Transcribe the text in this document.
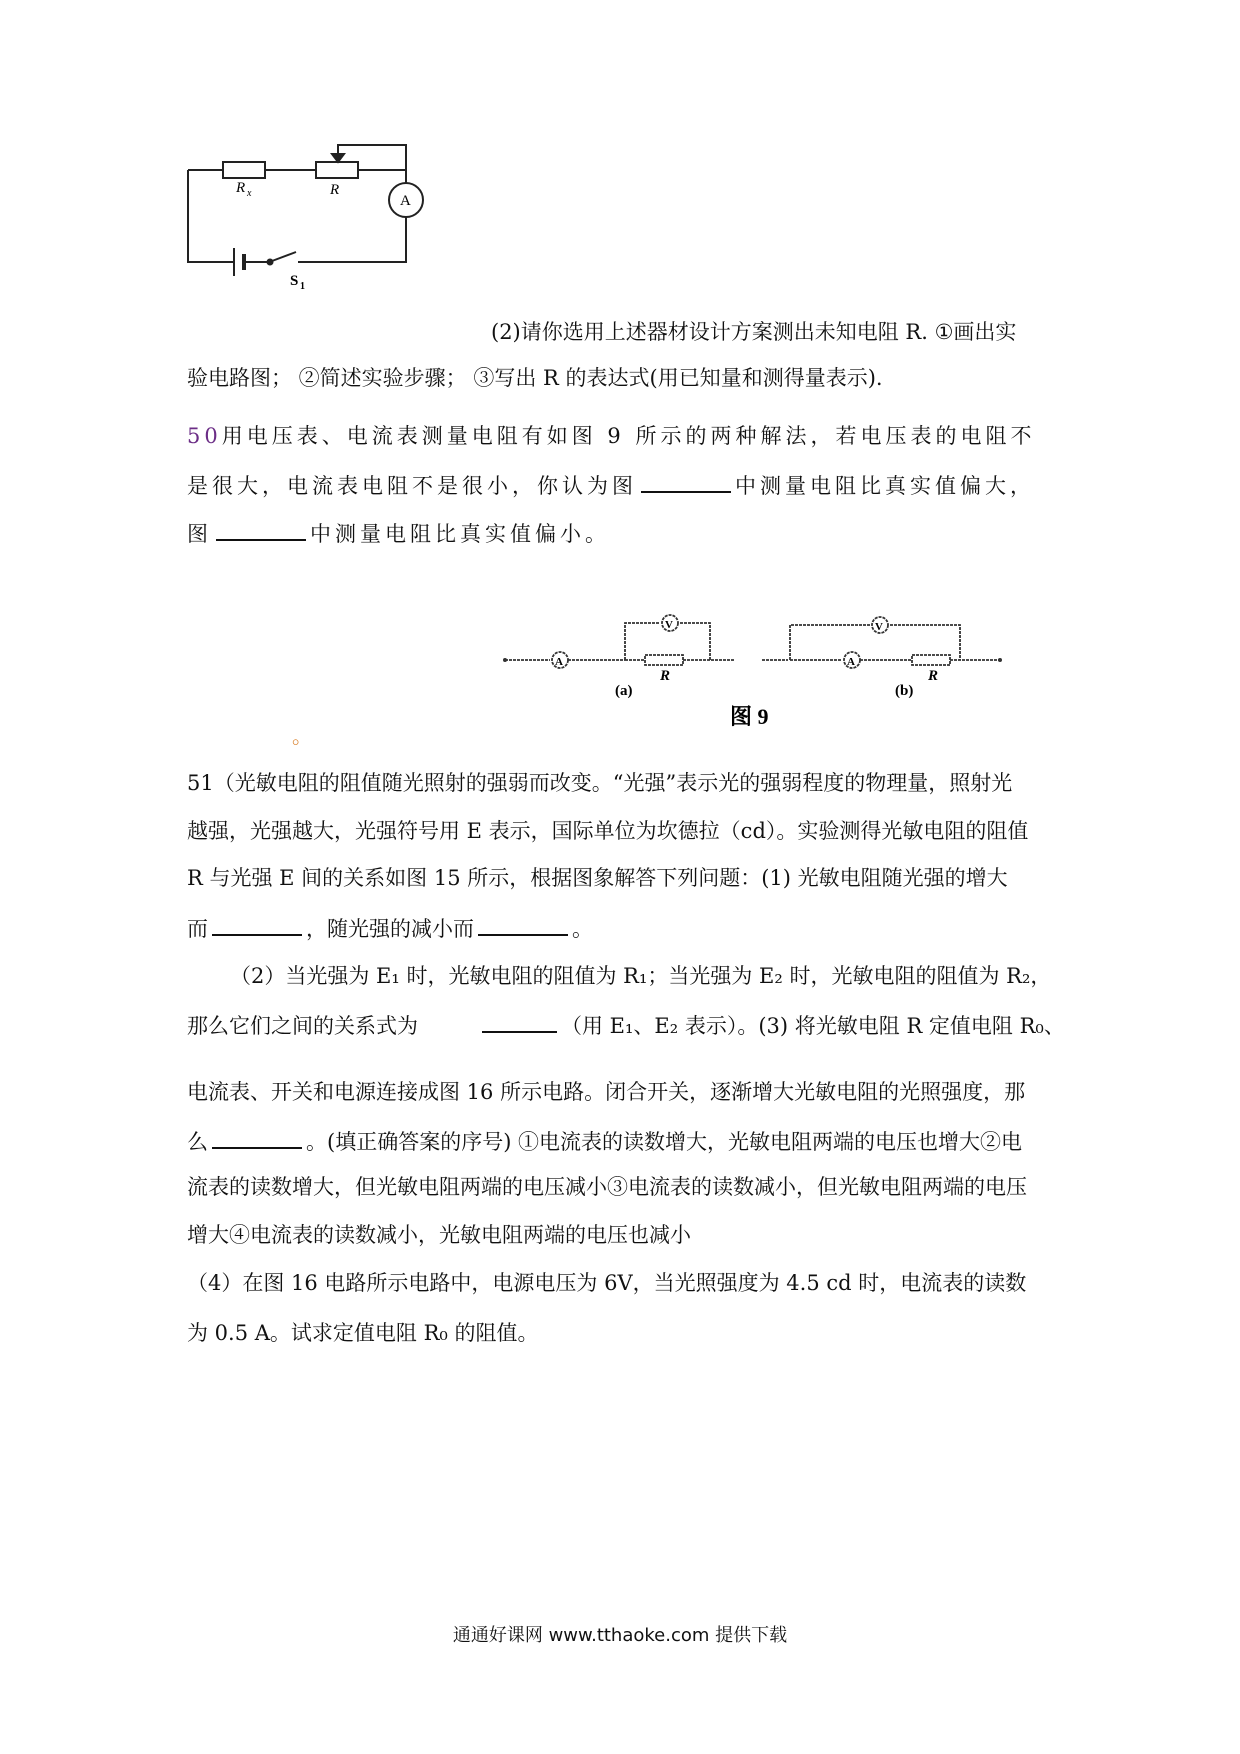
R x	R
A
S 1
(2)请你选用上述器材设计方案测出未知电阻 R. ①画出实
验电路图； ②简述实验步骤； ③写出 R 的表达式(用已知量和测得量表示).
50用电压表、电流表测量电阻有如图 9 所示的两种解法，若电压表的电阻不
是很大，电流表电阻不是很小，你认为图	中测量电阻比真实值偏大，
图	中测量电阻比真实值偏小。
A
V	V
A
R	R
(a)	(b)
图 9
。
51（光敏电阻的阻值随光照射的强弱而改变。“光强”表示光的强弱程度的物理量，照射光
越强，光强越大，光强符号用 E 表示，国际单位为坎德拉（cd）。实验测得光敏电阻的阻值
R 与光强 E 间的关系如图 15 所示，根据图象解答下列问题：(1) 光敏电阻随光强的增大
而	，随光强的减小而	。
（2）当光强为 E₁ 时，光敏电阻的阻值为 R₁；当光强为 E₂ 时，光敏电阻的阻值为 R₂，
那么它们之间的关系式为	（用 E₁、E₂ 表示）。(3) 将光敏电阻 R 定值电阻 R₀、
电流表、开关和电源连接成图 16 所示电路。闭合开关，逐渐增大光敏电阻的光照强度，那
么	。(填正确答案的序号) ①电流表的读数增大，光敏电阻两端的电压也增大②电
流表的读数增大，但光敏电阻两端的电压减小③电流表的读数减小，但光敏电阻两端的电压
增大④电流表的读数减小，光敏电阻两端的电压也减小
（4）在图 16 电路所示电路中，电源电压为 6V，当光照强度为 4.5 cd 时，电流表的读数
为 0.5 A。试求定值电阻 R₀ 的阻值。
通通好课网 www.tthaoke.com 提供下载
